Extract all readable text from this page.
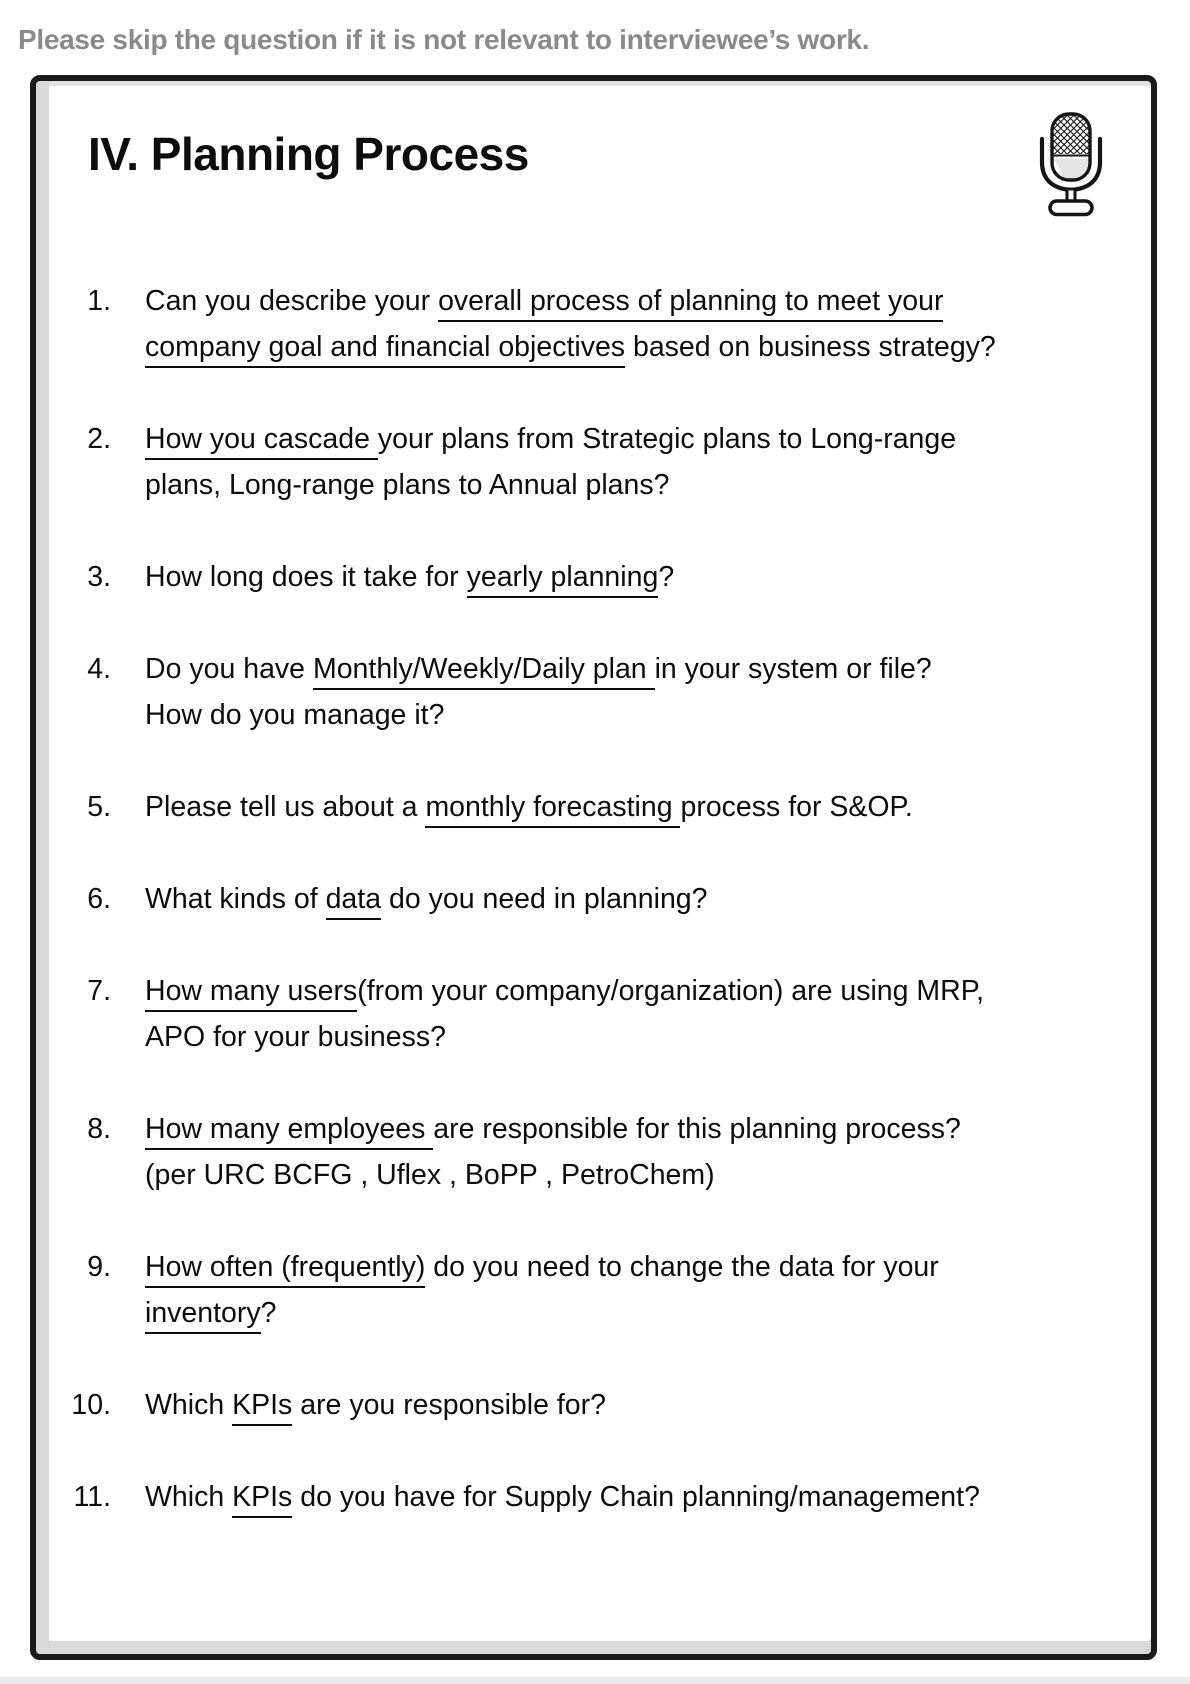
Please skip the question if it is not relevant to interviewee’s work.
IV. Planning Process
1. Can you describe your overall process of planning to meet your
company goal and financial objectives based on business strategy?
2. How you cascade your plans from Strategic plans to Long-range
plans, Long-range plans to Annual plans?
3. How long does it take for yearly planning?
4. Do you have Monthly/Weekly/Daily plan in your system or file?
How do you manage it?
5. Please tell us about a monthly forecasting process for S&OP.
6. What kinds of data do you need in planning?
7. How many users(from your company/organization) are using MRP,
APO for your business?
8. How many employees are responsible for this planning process?
(per URC BCFG , Uflex , BoPP , PetroChem)
9. How often (frequently) do you need to change the data for your
inventory?
10. Which KPIs are you responsible for?
11. Which KPIs do you have for Supply Chain planning/management?
